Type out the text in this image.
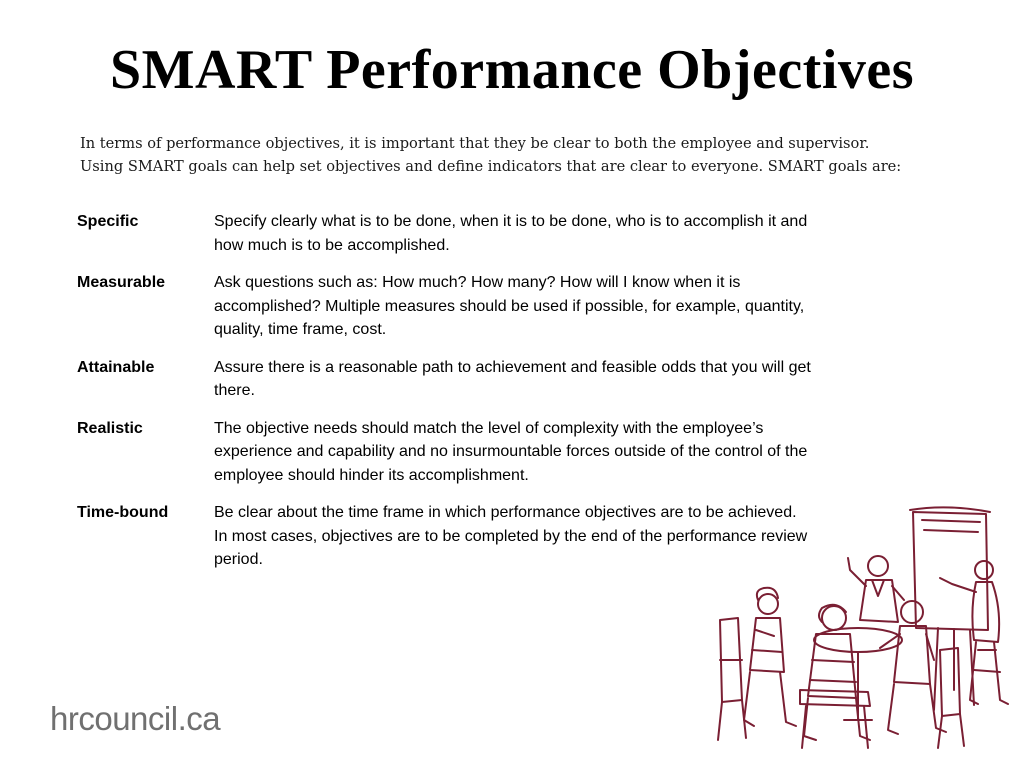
SMART Performance Objectives
In terms of performance objectives, it is important that they be clear to both the employee and supervisor.
Using SMART goals can help set objectives and define indicators that are clear to everyone. SMART goals are:
Specific	Specify clearly what is to be done, when it is to be done, who is to accomplish it and
how much is to be accomplished.
Measurable	Ask questions such as: How much? How many? How will I know when it is
accomplished? Multiple measures should be used if possible, for example, quantity,
quality, time frame, cost.
Attainable	Assure there is a reasonable path to achievement and feasible odds that you will get
there.
Realistic	The objective needs should match the level of complexity with the employee’s
experience and capability and no insurmountable forces outside of the control of the
employee should hinder its accomplishment.
Time-bound	Be clear about the time frame in which performance objectives are to be achieved.
In most cases, objectives are to be completed by the end of the performance review
period.
hrcouncil.ca
